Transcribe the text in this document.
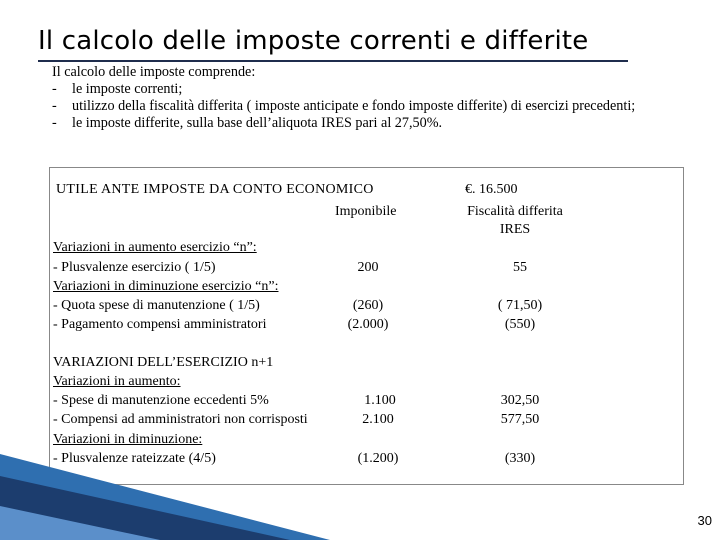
Il calcolo delle imposte correnti e differite
Il calcolo delle imposte comprende:
- le imposte correnti;
- utilizzo della fiscalità differita ( imposte anticipate e fondo imposte differite) di esercizi precedenti;
- le imposte differite, sulla base dell’aliquota IRES pari al 27,50%.
UTILE ANTE IMPOSTE DA CONTO ECONOMICO	€. 16.500
Imponibile	Fiscalità differita
IRES
Variazioni in aumento esercizio “n”:
- Plusvalenze esercizio ( 1/5)	200	55
Variazioni in diminuzione esercizio “n”:
- Quota spese di manutenzione ( 1/5)	(260)	( 71,50)
- Pagamento compensi amministratori	(2.000)	(550)
VARIAZIONI DELL’ESERCIZIO n+1
Variazioni in aumento:
- Spese di manutenzione eccedenti 5%	1.100	302,50
- Compensi ad amministratori non corrisposti	2.100	577,50
Variazioni in diminuzione:
- Plusvalenze rateizzate (4/5)	(1.200)	(330)
30
